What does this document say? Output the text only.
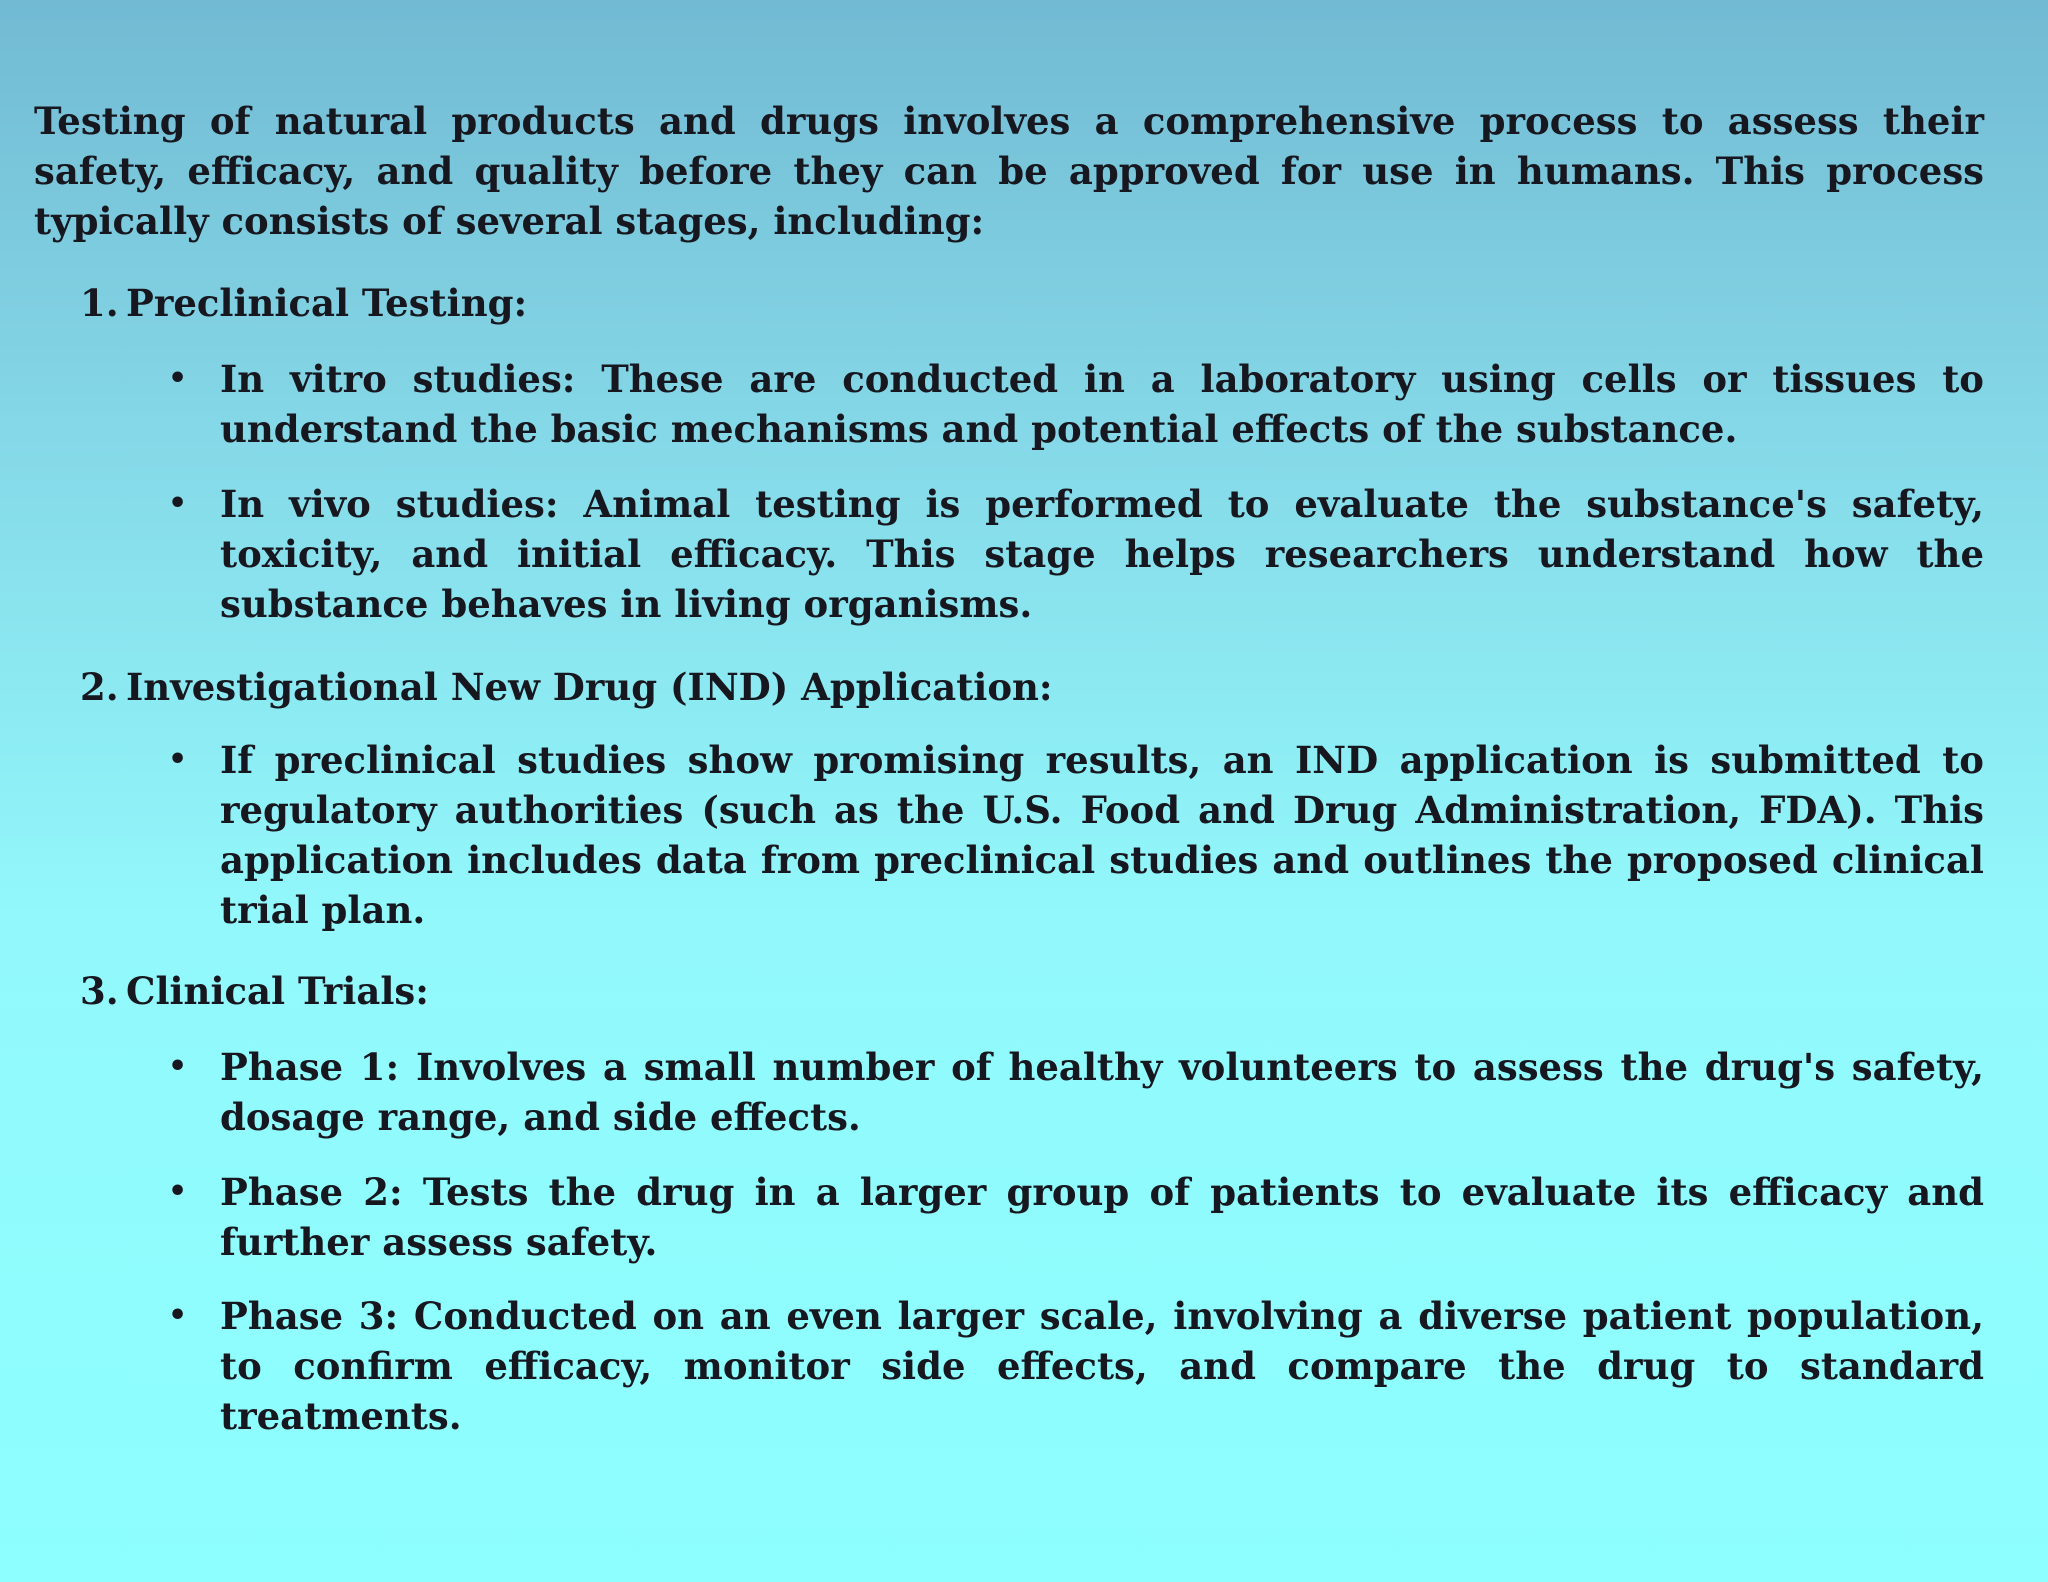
Testing of natural products and drugs involves a comprehensive process to assess their safety, efficacy, and quality before they can be approved for use in humans. This process typically consists of several stages, including:

1. Preclinical Testing:

• In vitro studies: These are conducted in a laboratory using cells or tissues to understand the basic mechanisms and potential effects of the substance.

• In vivo studies: Animal testing is performed to evaluate the substance's safety, toxicity, and initial efficacy. This stage helps researchers understand how the substance behaves in living organisms.

2. Investigational New Drug (IND) Application:

• If preclinical studies show promising results, an IND application is submitted to regulatory authorities (such as the U.S. Food and Drug Administration, FDA). This application includes data from preclinical studies and outlines the proposed clinical trial plan.

3. Clinical Trials:

• Phase 1: Involves a small number of healthy volunteers to assess the drug's safety, dosage range, and side effects.

• Phase 2: Tests the drug in a larger group of patients to evaluate its efficacy and further assess safety.

• Phase 3: Conducted on an even larger scale, involving a diverse patient population, to confirm efficacy, monitor side effects, and compare the drug to standard treatments.
